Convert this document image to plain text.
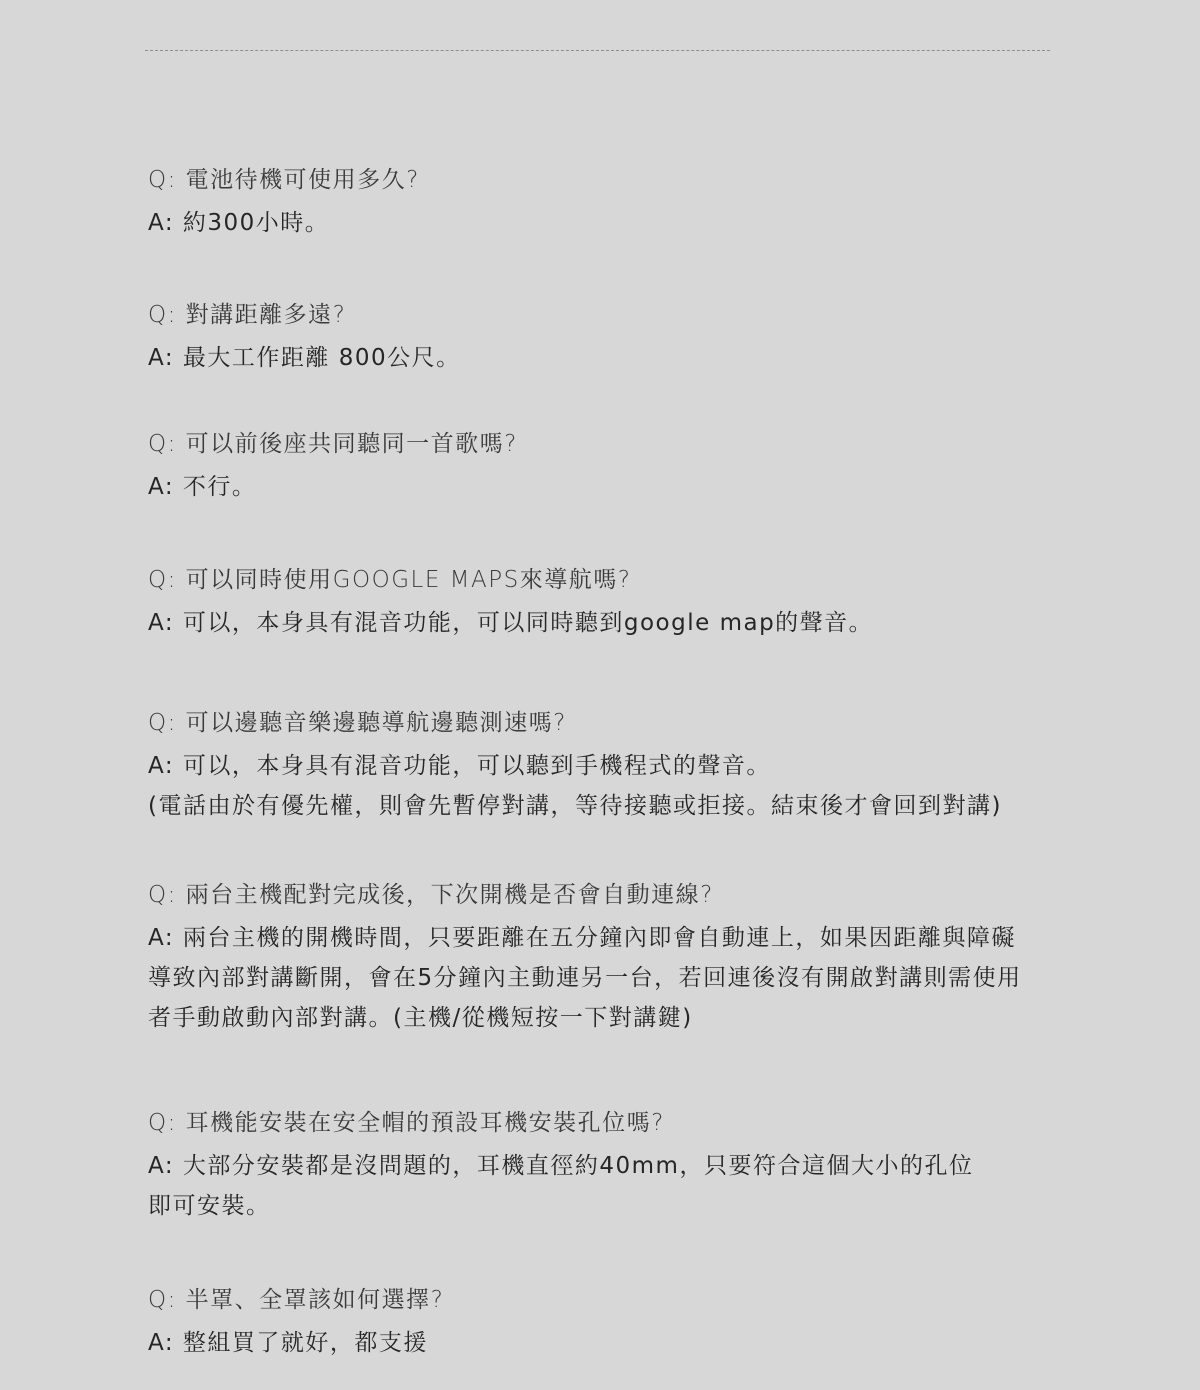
Q: 電池待機可使用多久?
A: 約300小時。
Q: 對講距離多遠?
A: 最大工作距離 800公尺。
Q: 可以前後座共同聽同一首歌嗎?
A: 不行。
Q: 可以同時使用GOOGLE MAPS來導航嗎?
A: 可以，本身具有混音功能，可以同時聽到google map的聲音。
Q: 可以邊聽音樂邊聽導航邊聽測速嗎?
A: 可以，本身具有混音功能，可以聽到手機程式的聲音。
(電話由於有優先權，則會先暫停對講，等待接聽或拒接。結束後才會回到對講)
Q: 兩台主機配對完成後，下次開機是否會自動連線?
A: 兩台主機的開機時間，只要距離在五分鐘內即會自動連上，如果因距離與障礙
導致內部對講斷開，會在5分鐘內主動連另一台，若回連後沒有開啟對講則需使用
者手動啟動內部對講。(主機/從機短按一下對講鍵)
Q: 耳機能安裝在安全帽的預設耳機安裝孔位嗎?
A: 大部分安裝都是沒問題的，耳機直徑約40mm，只要符合這個大小的孔位
即可安裝。
Q: 半罩、全罩該如何選擇?
A: 整組買了就好，都支援
